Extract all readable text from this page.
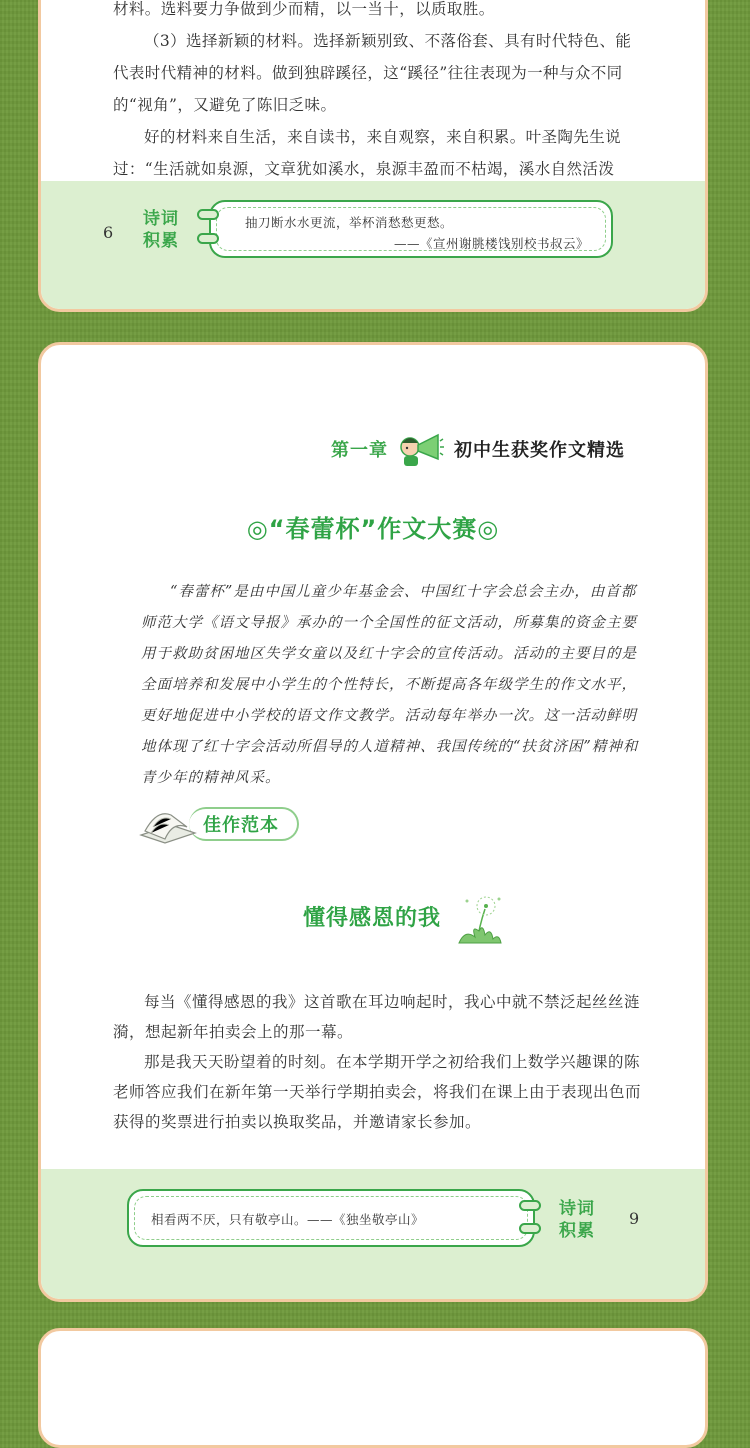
材料。选料要力争做到少而精，以一当十，以质取胜。

（3）选择新颖的材料。选择新颖别致、不落俗套、具有时代特色、能代表时代精神的材料。做到独辟蹊径，这“蹊径”往往表现为一种与众不同的“视角”，又避免了陈旧乏味。

好的材料来自生活，来自读书，来自观察，来自积累。叶圣陶先生说过：“生活就如泉源，文章犹如溪水，泉源丰盈而不枯竭，溪水自然活泼

6
诗词
积累
抽刀断水水更流，举杯消愁愁更愁。
——《宣州谢朓楼饯别校书叔云》
第一章	初中生获奖作文精选
◎“春蕾杯”作文大赛◎

“春蕾杯”是由中国儿童少年基金会、中国红十字会总会主办，由首都师范大学《语文导报》承办的一个全国性的征文活动，所募集的资金主要用于救助贫困地区失学女童以及红十字会的宣传活动。活动的主要目的是全面培养和发展中小学生的个性特长，不断提高各年级学生的作文水平，更好地促进中小学校的语文作文教学。活动每年举办一次。这一活动鲜明地体现了红十字会活动所倡导的人道精神、我国传统的“扶贫济困”精神和青少年的精神风采。

佳作范本
懂得感恩的我

每当《懂得感恩的我》这首歌在耳边响起时，我心中就不禁泛起丝丝涟漪，想起新年拍卖会上的那一幕。

那是我天天盼望着的时刻。在本学期开学之初给我们上数学兴趣课的陈老师答应我们在新年第一天举行学期拍卖会，将我们在课上由于表现出色而获得的奖票进行拍卖以换取奖品，并邀请家长参加。

相看两不厌，只有敬亭山。——《独坐敬亭山》
诗词
积累
9
